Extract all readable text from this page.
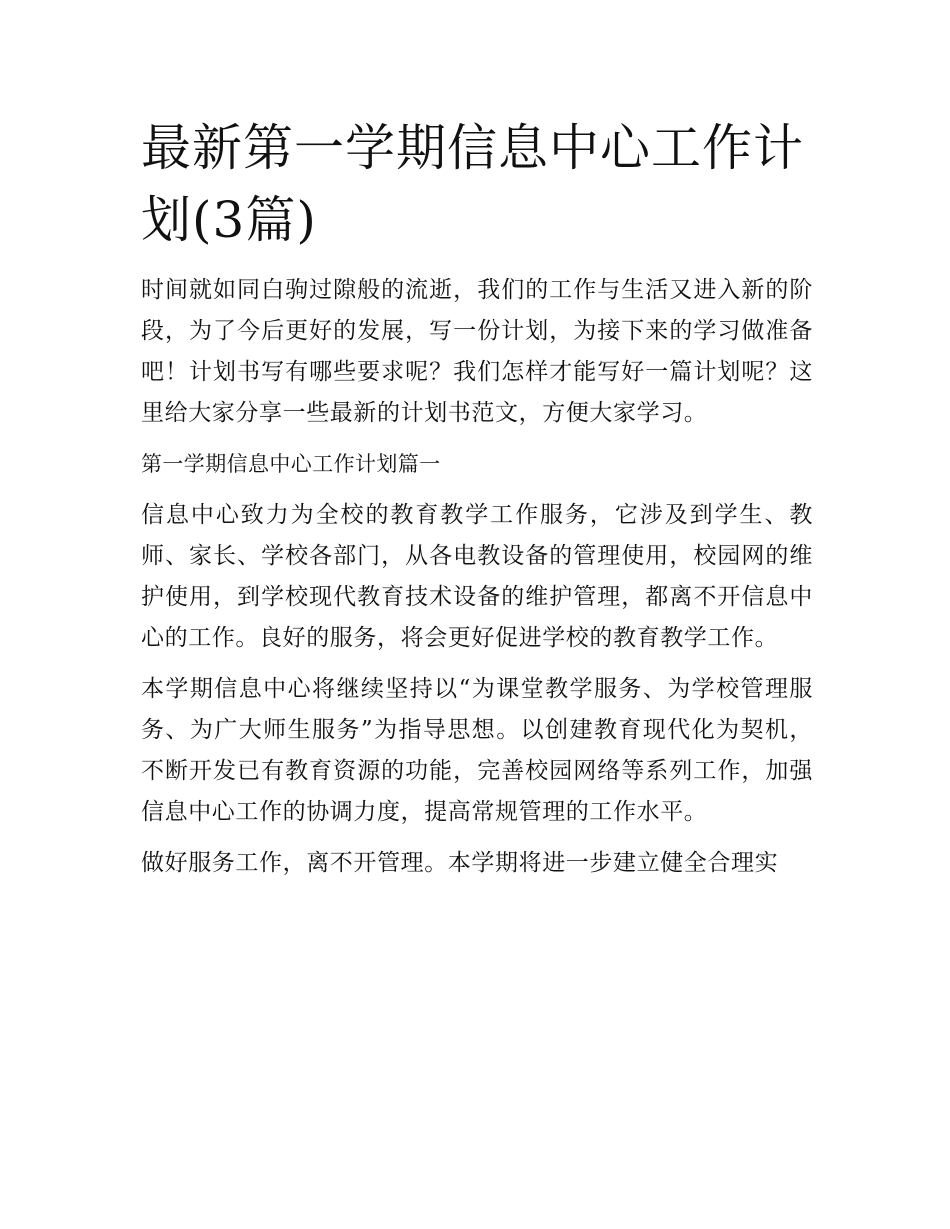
最新第一学期信息中心工作计划(3篇)

时间就如同白驹过隙般的流逝，我们的工作与生活又进入新的阶段，为了今后更好的发展，写一份计划，为接下来的学习做准备吧！计划书写有哪些要求呢？我们怎样才能写好一篇计划呢？这里给大家分享一些最新的计划书范文，方便大家学习。

第一学期信息中心工作计划篇一

信息中心致力为全校的教育教学工作服务，它涉及到学生、教师、家长、学校各部门，从各电教设备的管理使用，校园网的维护使用，到学校现代教育技术设备的维护管理，都离不开信息中心的工作。良好的服务，将会更好促进学校的教育教学工作。

本学期信息中心将继续坚持以“为课堂教学服务、为学校管理服务、为广大师生服务”为指导思想。以创建教育现代化为契机，不断开发已有教育资源的功能，完善校园网络等系列工作，加强信息中心工作的协调力度，提高常规管理的工作水平。

做好服务工作，离不开管理。本学期将进一步建立健全合理实
